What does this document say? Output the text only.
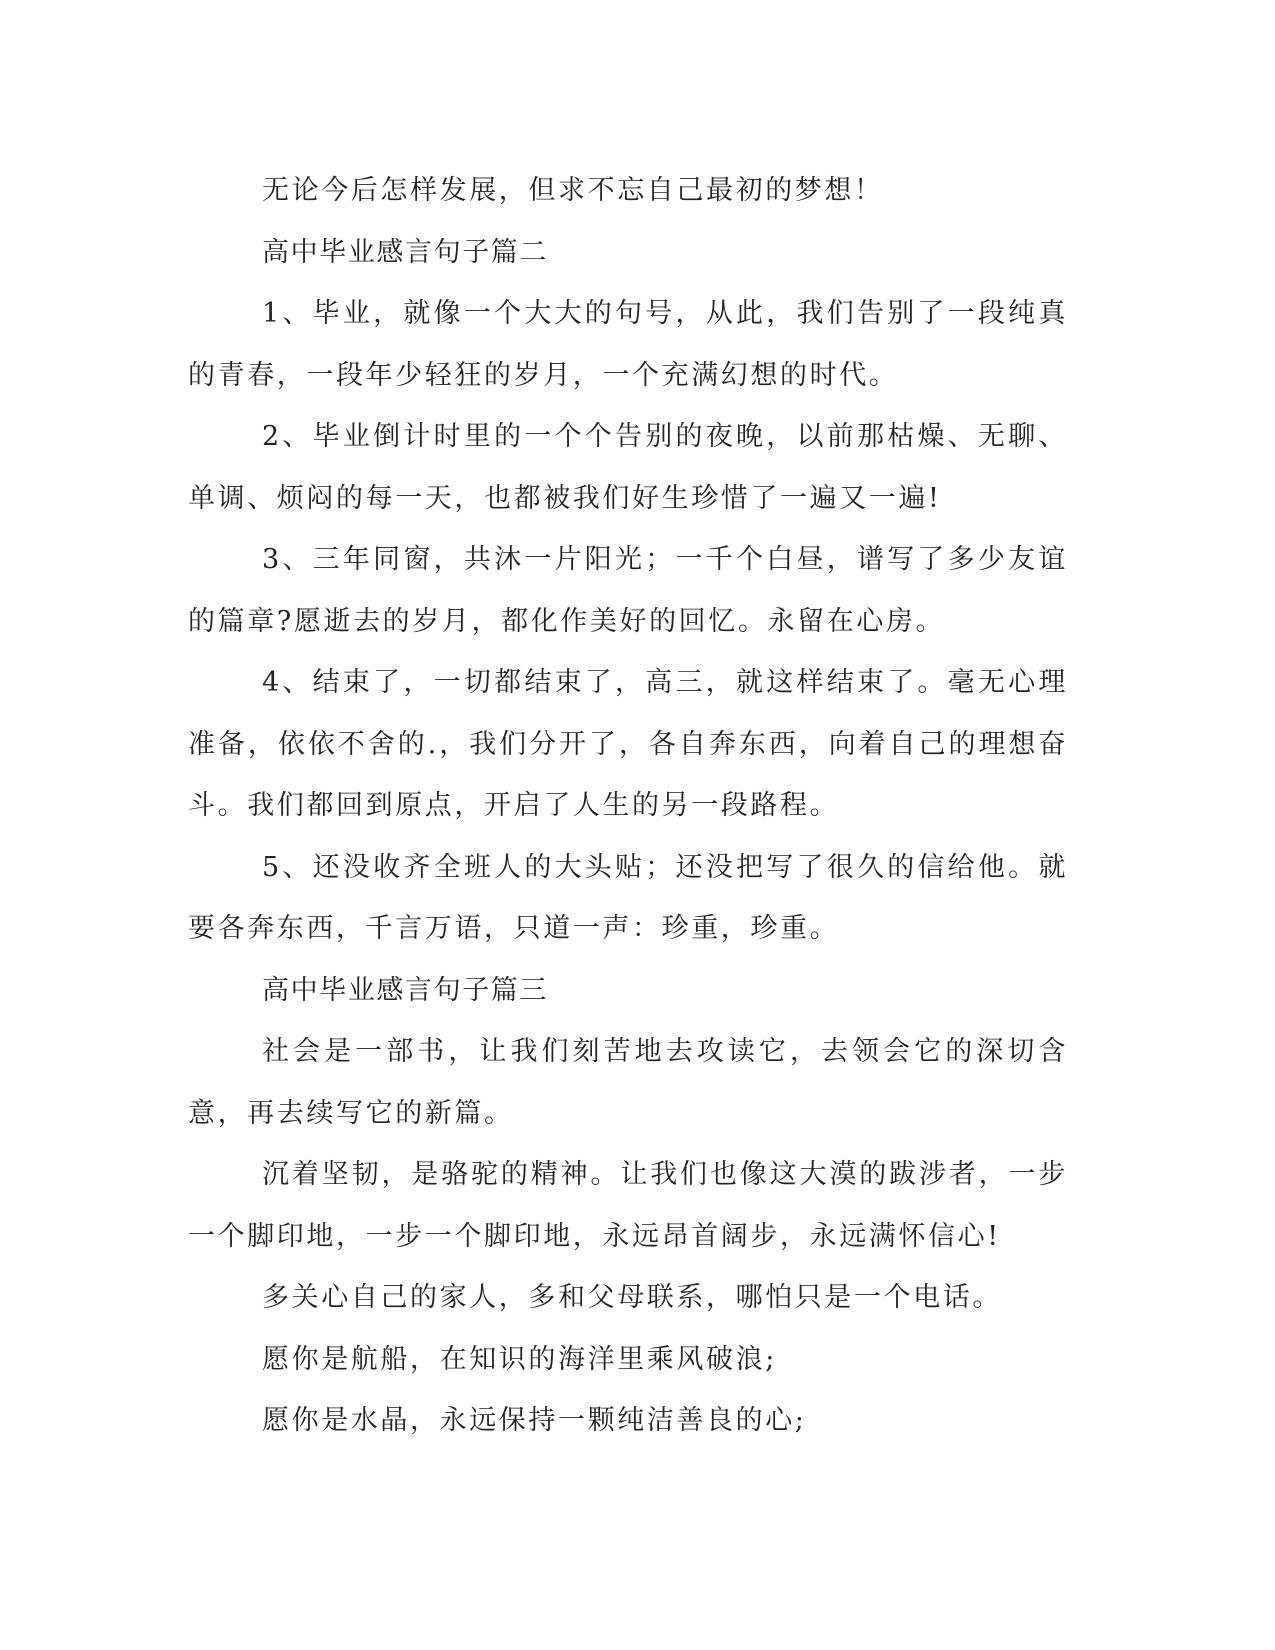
无论今后怎样发展，但求不忘自己最初的梦想！

高中毕业感言句子篇二

1、毕业，就像一个大大的句号，从此，我们告别了一段纯真的青春，一段年少轻狂的岁月，一个充满幻想的时代。

2、毕业倒计时里的一个个告别的夜晚，以前那枯燥、无聊、单调、烦闷的每一天，也都被我们好生珍惜了一遍又一遍!

3、三年同窗，共沐一片阳光；一千个白昼，谱写了多少友谊的篇章?愿逝去的岁月，都化作美好的回忆。永留在心房。

4、结束了，一切都结束了，高三，就这样结束了。毫无心理准备，依依不舍的.，我们分开了，各自奔东西，向着自己的理想奋斗。我们都回到原点，开启了人生的另一段路程。

5、还没收齐全班人的大头贴；还没把写了很久的信给他。就要各奔东西，千言万语，只道一声：珍重，珍重。

高中毕业感言句子篇三

社会是一部书，让我们刻苦地去攻读它，去领会它的深切含意，再去续写它的新篇。

沉着坚韧，是骆驼的精神。让我们也像这大漠的跋涉者，一步一个脚印地，一步一个脚印地，永远昂首阔步，永远满怀信心!

多关心自己的家人，多和父母联系，哪怕只是一个电话。

愿你是航船，在知识的海洋里乘风破浪;

愿你是水晶，永远保持一颗纯洁善良的心;
